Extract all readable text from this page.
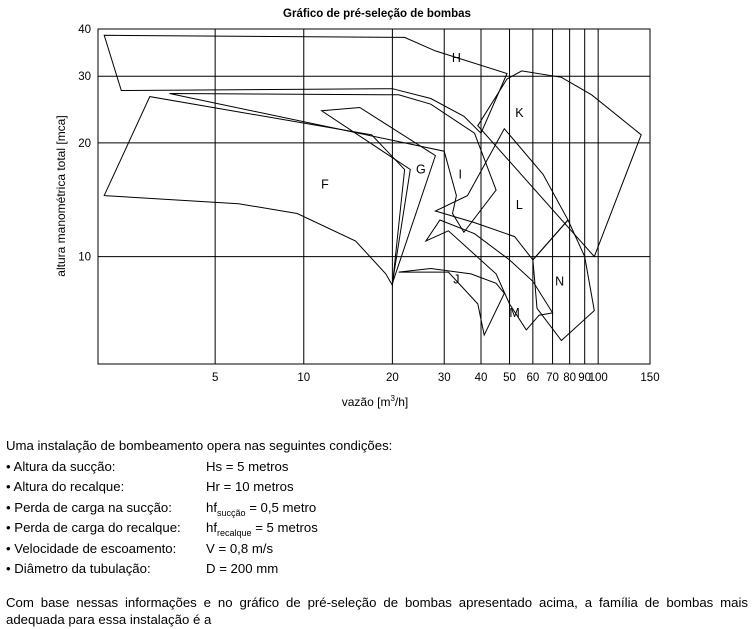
Gráfico de pré-seleção de bombas
H
K
G	I
F
L
J
M
N
5	10	20	30 40 50 60 70 80 90
100	150
10
20
30
40
altura manométrica total [mca]
vazão $[m^3/h]$
Uma instalação de bombeamento opera nas seguintes condições:
• Altura da sucção:	Hs = 5 metros
• Altura do recalque:	Hr = 10 metros
• Perda de carga na sucção:	$hf_{sucção} = 0,5$ metro
• Perda de carga do recalque: $hf_{recalque} = 5$ metros
• Velocidade de escoamento: V = 0,8 m/s
• Diâmetro da tubulação:	D = 200 mm
Com base nessas informações e no gráfico de pré-seleção de bombas apresentado acima, a família de bombas mais adequada para essa instalação é a
